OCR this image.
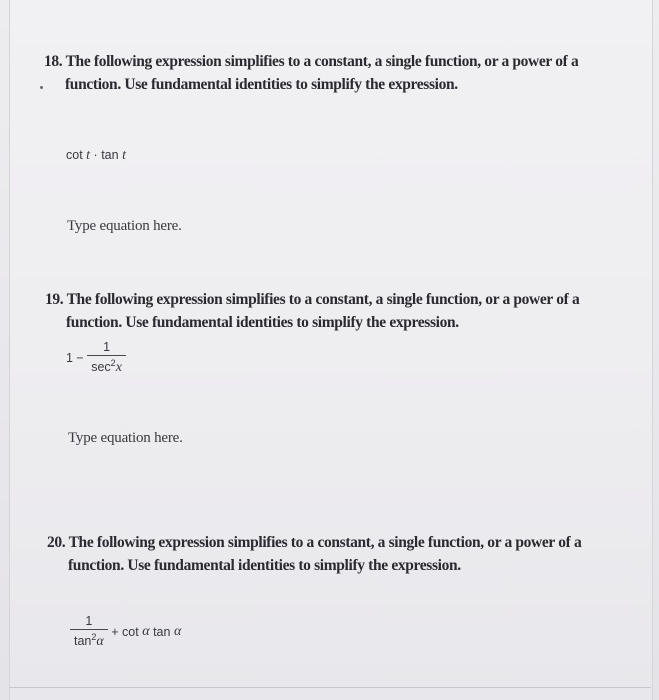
18. The following expression simplifies to a constant, a single function, or a power of a
function. Use fundamental identities to simplify the expression.
cot t · tan t
Type equation here.
19. The following expression simplifies to a constant, a single function, or a power of a
function. Use fundamental identities to simplify the expression.
$1 - \frac{1}{\sec^2x}$
Type equation here.
20. The following expression simplifies to a constant, a single function, or a power of a
function. Use fundamental identities to simplify the expression.
$\frac{1}{\tan^2\alpha} + \cot \alpha$ tan α
